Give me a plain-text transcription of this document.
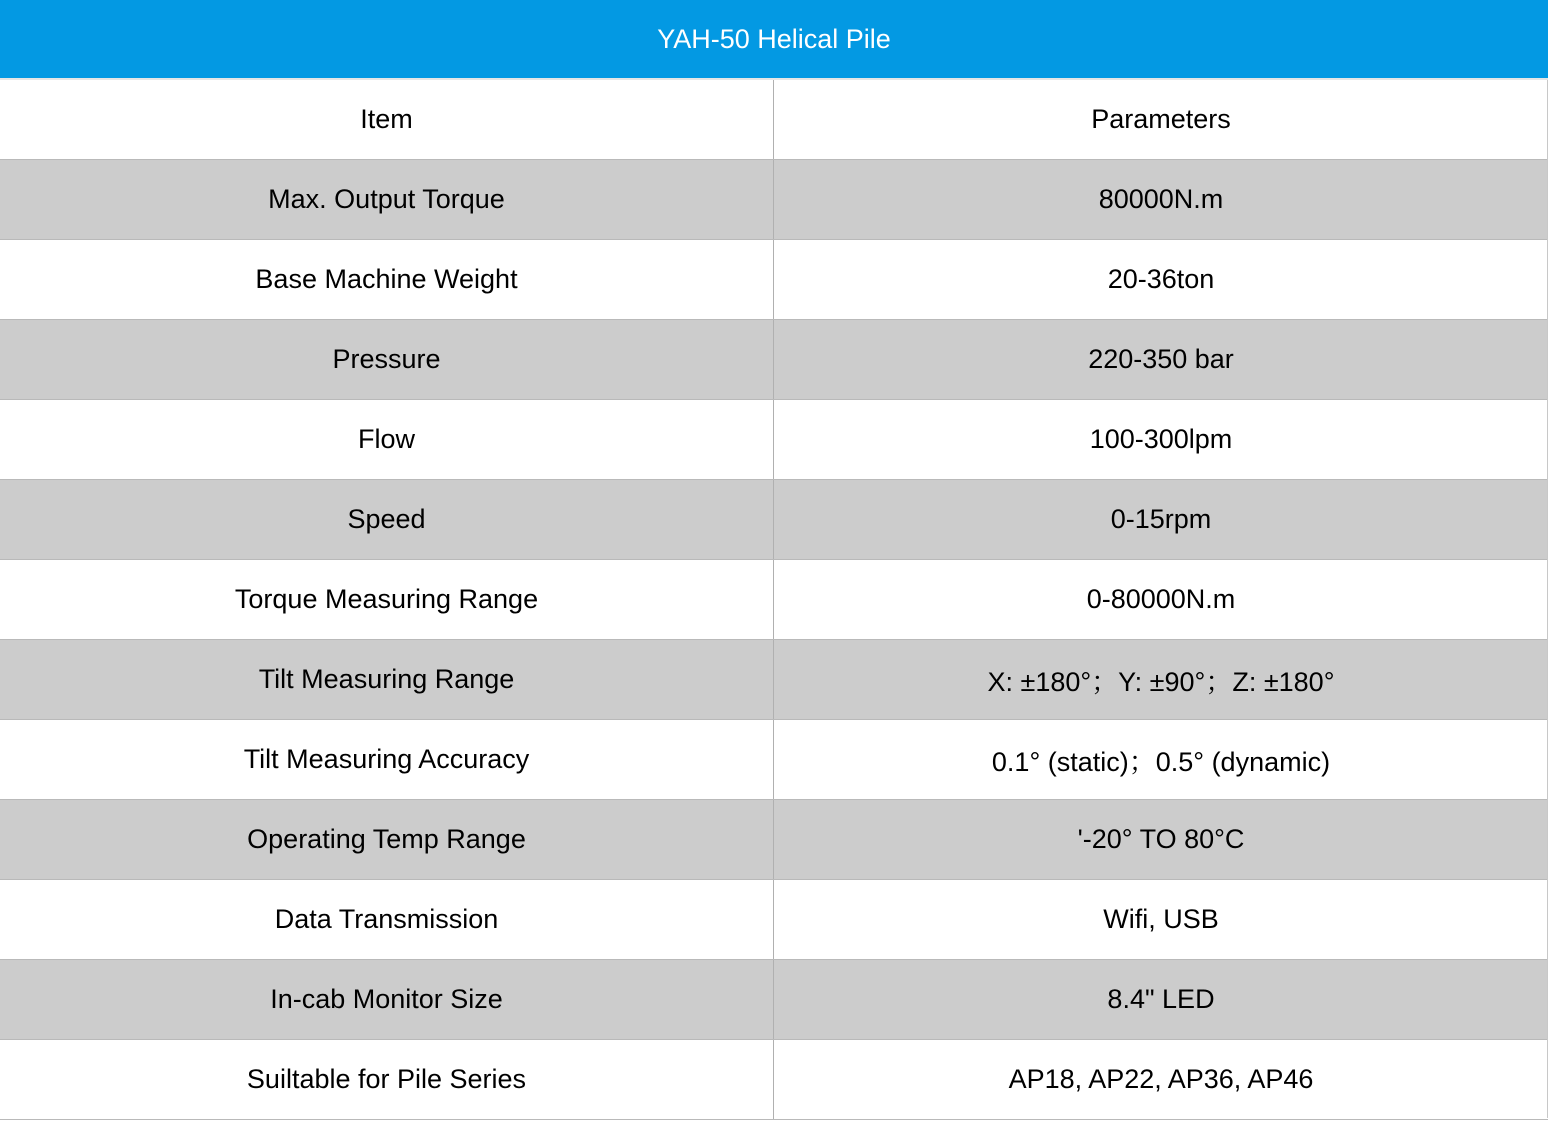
YAH-50 Helical Pile
Item	Parameters
Max. Output Torque	80000N.m
Base Machine Weight	20-36ton
Pressure	220-350 bar
Flow	100-300lpm
Speed	0-15rpm
Torque Measuring Range	0-80000N.m
Tilt Measuring Range	X: ±180°；Y: ±90°；Z: ±180°
Tilt Measuring Accuracy	0.1° (static)；0.5° (dynamic)
Operating Temp Range	'-20° TO 80°C
Data Transmission	Wifi, USB
In-cab Monitor Size	8.4" LED
Suiltable for Pile Series	AP18, AP22, AP36, AP46
